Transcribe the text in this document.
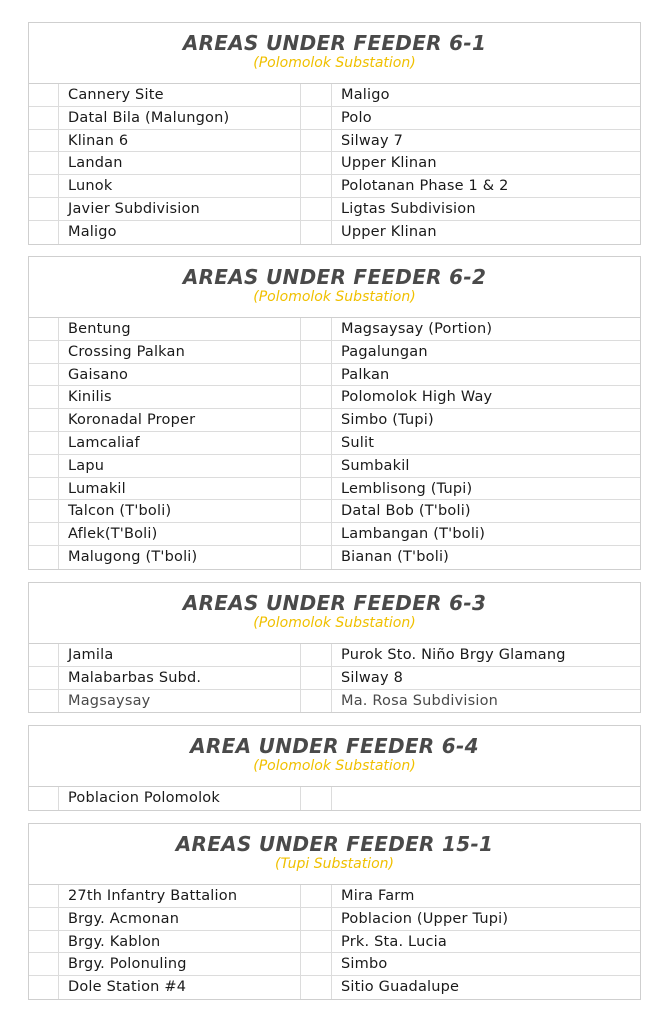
AREAS UNDER FEEDER 6-1
(Polomolok Substation)
Cannery Site	Maligo
Datal Bila (Malungon)	Polo
Klinan 6	Silway 7
Landan	Upper Klinan
Lunok	Polotanan Phase 1 & 2
Javier Subdivision	Ligtas Subdivision
Maligo	Upper Klinan
AREAS UNDER FEEDER 6-2
(Polomolok Substation)
Bentung	Magsaysay (Portion)
Crossing Palkan	Pagalungan
Gaisano	Palkan
Kinilis	Polomolok High Way
Koronadal Proper	Simbo (Tupi)
Lamcaliaf	Sulit
Lapu	Sumbakil
Lumakil	Lemblisong (Tupi)
Talcon (T'boli)	Datal Bob (T'boli)
Aflek(T'Boli)	Lambangan (T'boli)
Malugong (T'boli)	Bianan (T'boli)
AREAS UNDER FEEDER 6-3
(Polomolok Substation)
Jamila	Purok Sto. Niño Brgy Glamang
Malabarbas Subd.	Silway 8
Magsaysay	Ma. Rosa Subdivision
AREA UNDER FEEDER 6-4
(Polomolok Substation)
Poblacion Polomolok
AREAS UNDER FEEDER 15-1
(Tupi Substation)
27th Infantry Battalion	Mira Farm
Brgy. Acmonan	Poblacion (Upper Tupi)
Brgy. Kablon	Prk. Sta. Lucia
Brgy. Polonuling	Simbo
Dole Station #4	Sitio Guadalupe
